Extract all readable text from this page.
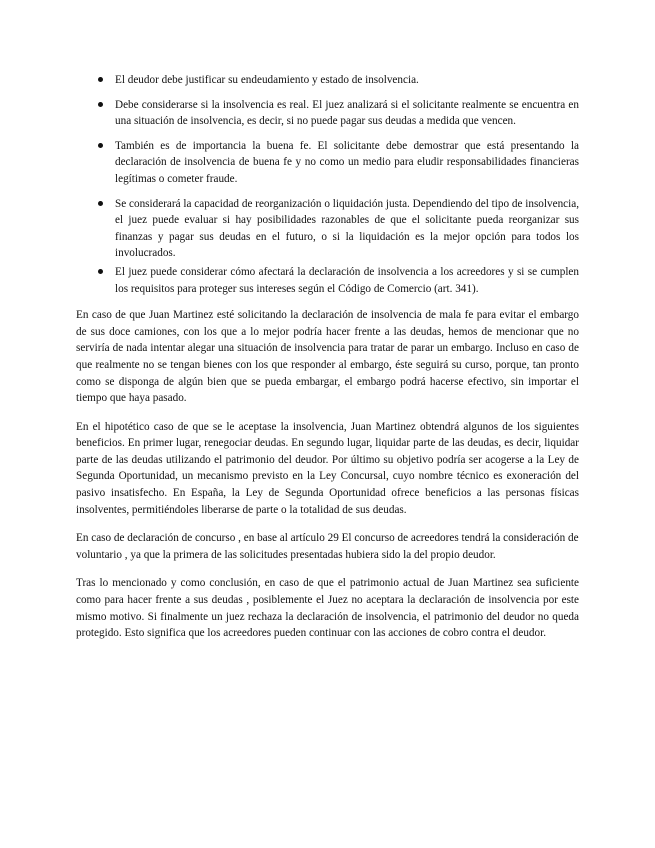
El deudor debe justificar su endeudamiento y estado de insolvencia.
Debe considerarse si la insolvencia es real. El juez analizará si el solicitante realmente se encuentra en una situación de insolvencia, es decir, si no puede pagar sus deudas a medida que vencen.
También es de importancia la buena fe. El solicitante debe demostrar que está presentando la declaración de insolvencia de buena fe y no como un medio para eludir responsabilidades financieras legítimas o cometer fraude.
Se considerará la capacidad de reorganización o liquidación justa. Dependiendo del tipo de insolvencia, el juez puede evaluar si hay posibilidades razonables de que el solicitante pueda reorganizar sus finanzas y pagar sus deudas en el futuro, o si la liquidación es la mejor opción para todos los involucrados.
El juez puede considerar cómo afectará la declaración de insolvencia a los acreedores y si se cumplen los requisitos para proteger sus intereses según el Código de Comercio (art. 341).

En caso de que Juan Martinez esté solicitando la declaración de insolvencia de mala fe para evitar el embargo de sus doce camiones, con los que a lo mejor podría hacer frente a las deudas, hemos de mencionar que no serviría de nada intentar alegar una situación de insolvencia para tratar de parar un embargo. Incluso en caso de que realmente no se tengan bienes con los que responder al embargo, éste seguirá su curso, porque, tan pronto como se disponga de algún bien que se pueda embargar, el embargo podrá hacerse efectivo, sin importar el tiempo que haya pasado.

En el hipotético caso de que se le aceptase la insolvencia, Juan Martinez obtendrá algunos de los siguientes beneficios. En primer lugar, renegociar deudas. En segundo lugar, liquidar parte de las deudas, es decir, liquidar parte de las deudas utilizando el patrimonio del deudor. Por último su objetivo podría ser acogerse a la Ley de Segunda Oportunidad, un mecanismo previsto en la Ley Concursal, cuyo nombre técnico es exoneración del pasivo insatisfecho. En España, la Ley de Segunda Oportunidad ofrece beneficios a las personas físicas insolventes, permitiéndoles liberarse de parte o la totalidad de sus deudas.

En caso de declaración de concurso , en base al artículo 29 El concurso de acreedores tendrá la consideración de voluntario , ya que la primera de las solicitudes presentadas hubiera sido la del propio deudor.

Tras lo mencionado y como conclusión, en caso de que el patrimonio actual de Juan Martinez sea suficiente como para hacer frente a sus deudas , posiblemente el Juez no aceptara la declaración de insolvencia por este mismo motivo. Si finalmente un juez rechaza la declaración de insolvencia, el patrimonio del deudor no queda protegido. Esto significa que los acreedores pueden continuar con las acciones de cobro contra el deudor.
